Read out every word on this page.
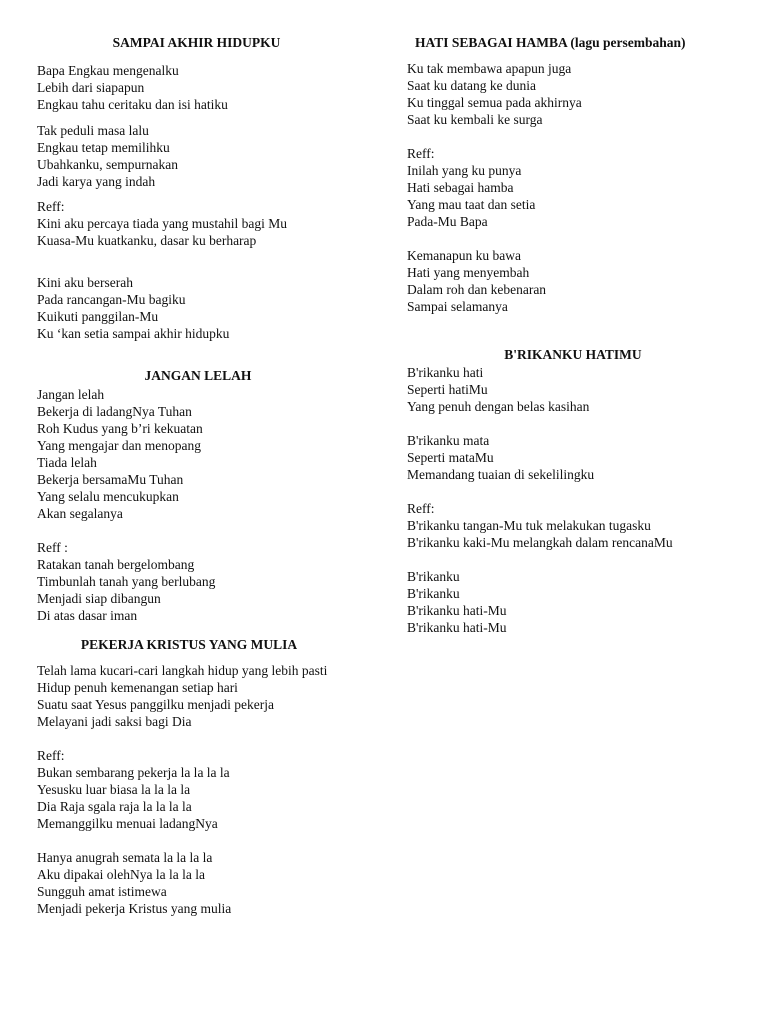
SAMPAI AKHIR HIDUPKU
Bapa Engkau mengenalku
Lebih dari siapapun
Engkau tahu ceritaku dan isi hatiku
Tak peduli masa lalu
Engkau tetap memilihku
Ubahkanku, sempurnakan
Jadi karya yang indah
Reff:
Kini aku percaya tiada yang mustahil bagi Mu
Kuasa-Mu kuatkanku, dasar ku berharap
Kini aku berserah
Pada rancangan-Mu bagiku
Kuikuti panggilan-Mu
Ku ‘kan setia sampai akhir hidupku
JANGAN LELAH
Jangan lelah
Bekerja di ladangNya Tuhan
Roh Kudus yang b’ri kekuatan
Yang mengajar dan menopang
Tiada lelah
Bekerja bersamaMu Tuhan
Yang selalu mencukupkan
Akan segalanya
Reff :
Ratakan tanah bergelombang
Timbunlah tanah yang berlubang
Menjadi siap dibangun
Di atas dasar iman
PEKERJA KRISTUS YANG MULIA
Telah lama kucari-cari langkah hidup yang lebih pasti
Hidup penuh kemenangan setiap hari
Suatu saat Yesus panggilku menjadi pekerja
Melayani jadi saksi bagi Dia
Reff:
Bukan sembarang pekerja la la la la
Yesusku luar biasa la la la la
Dia Raja sgala raja la la la la
Memanggilku menuai ladangNya
Hanya anugrah semata la la la la
Aku dipakai olehNya la la la la
Sungguh amat istimewa
Menjadi pekerja Kristus yang mulia
HATI SEBAGAI HAMBA (lagu persembahan)
Ku tak membawa apapun juga
Saat ku datang ke dunia
Ku tinggal semua pada akhirnya
Saat ku kembali ke surga
Reff:
Inilah yang ku punya
Hati sebagai hamba
Yang mau taat dan setia
Pada-Mu Bapa
Kemanapun ku bawa
Hati yang menyembah
Dalam roh dan kebenaran
Sampai selamanya
B'RIKANKU HATIMU
B'rikanku hati
Seperti hatiMu
Yang penuh dengan belas kasihan
B'rikanku mata
Seperti mataMu
Memandang tuaian di sekelilingku
Reff:
B'rikanku tangan-Mu tuk melakukan tugasku
B'rikanku kaki-Mu melangkah dalam rencanaMu
B'rikanku
B'rikanku
B'rikanku hati-Mu
B'rikanku hati-Mu
